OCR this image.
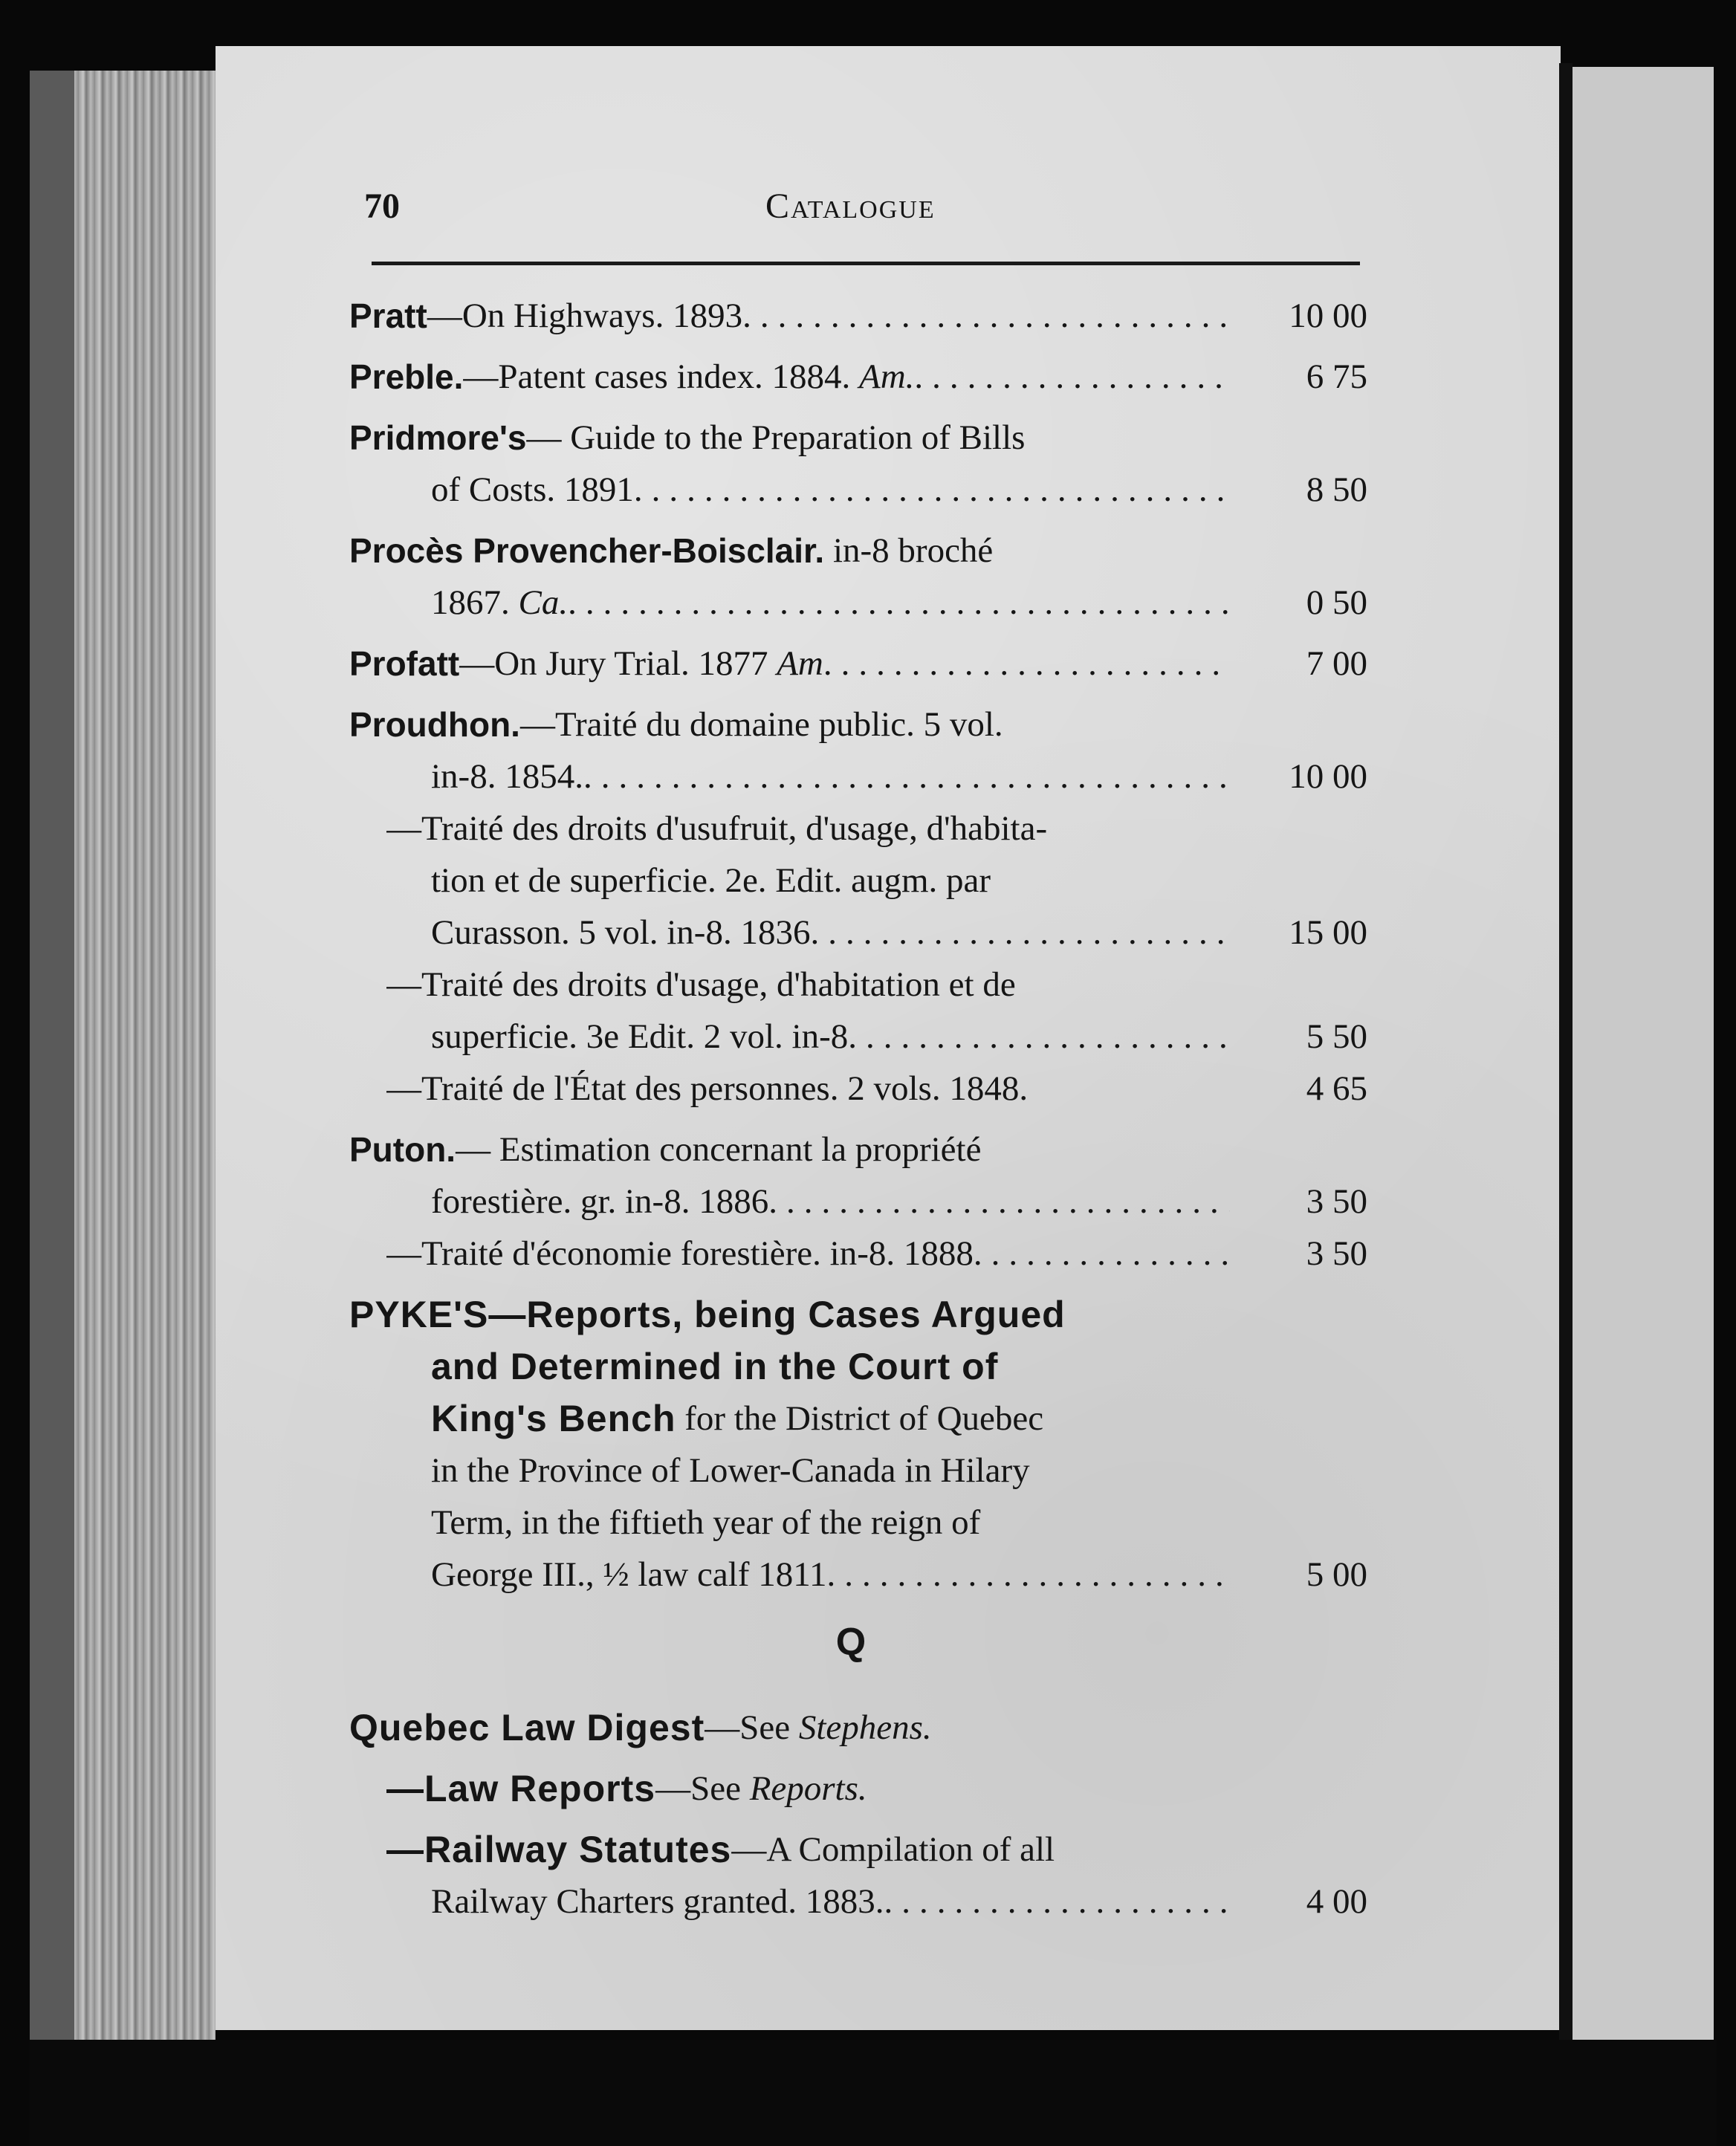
70	Catalogue
Pratt —On Highways. 1893 .....	10 00
Preble. —Patent cases index. 1884. Am. .....	6 75
Pridmore's — Guide to the Preparation of Bills
of Costs. 1891 .....	8 50
Procès Provencher-Boisclair. in-8 broché
1867. Ca. .....	0 50
Profatt —On Jury Trial. 1877 Am .....	7 00
Proudhon. —Traité du domaine public. 5 vol.
in-8. 1854. .....	10 00
—Traité des droits d'usufruit, d'usage, d'habita-
tion et de superficie. 2e. Edit. augm. par
Curasson. 5 vol. in-8. 1836 .....	15 00
—Traité des droits d'usage, d'habitation et de
superficie. 3e Edit. 2 vol. in-8 .....	5 50
—Traité de l'État des personnes. 2 vols. 1848.	4 65
Puton. — Estimation concernant la propriété
forestière. gr. in-8. 1886 .....	3 50
—Traité d'économie forestière. in-8. 1888 .....	3 50
PYKE'S—Reports, being Cases Argued
and Determined in the Court of
King's Bench for the District of Quebec
in the Province of Lower-Canada in Hilary
Term, in the fiftieth year of the reign of
George III., ½ law calf 1811 .....	5 00
Q
Quebec Law Digest —See Stephens.
—Law Reports —See Reports.
—Railway Statutes —A Compilation of all
Railway Charters granted. 1883. .....	4 00
